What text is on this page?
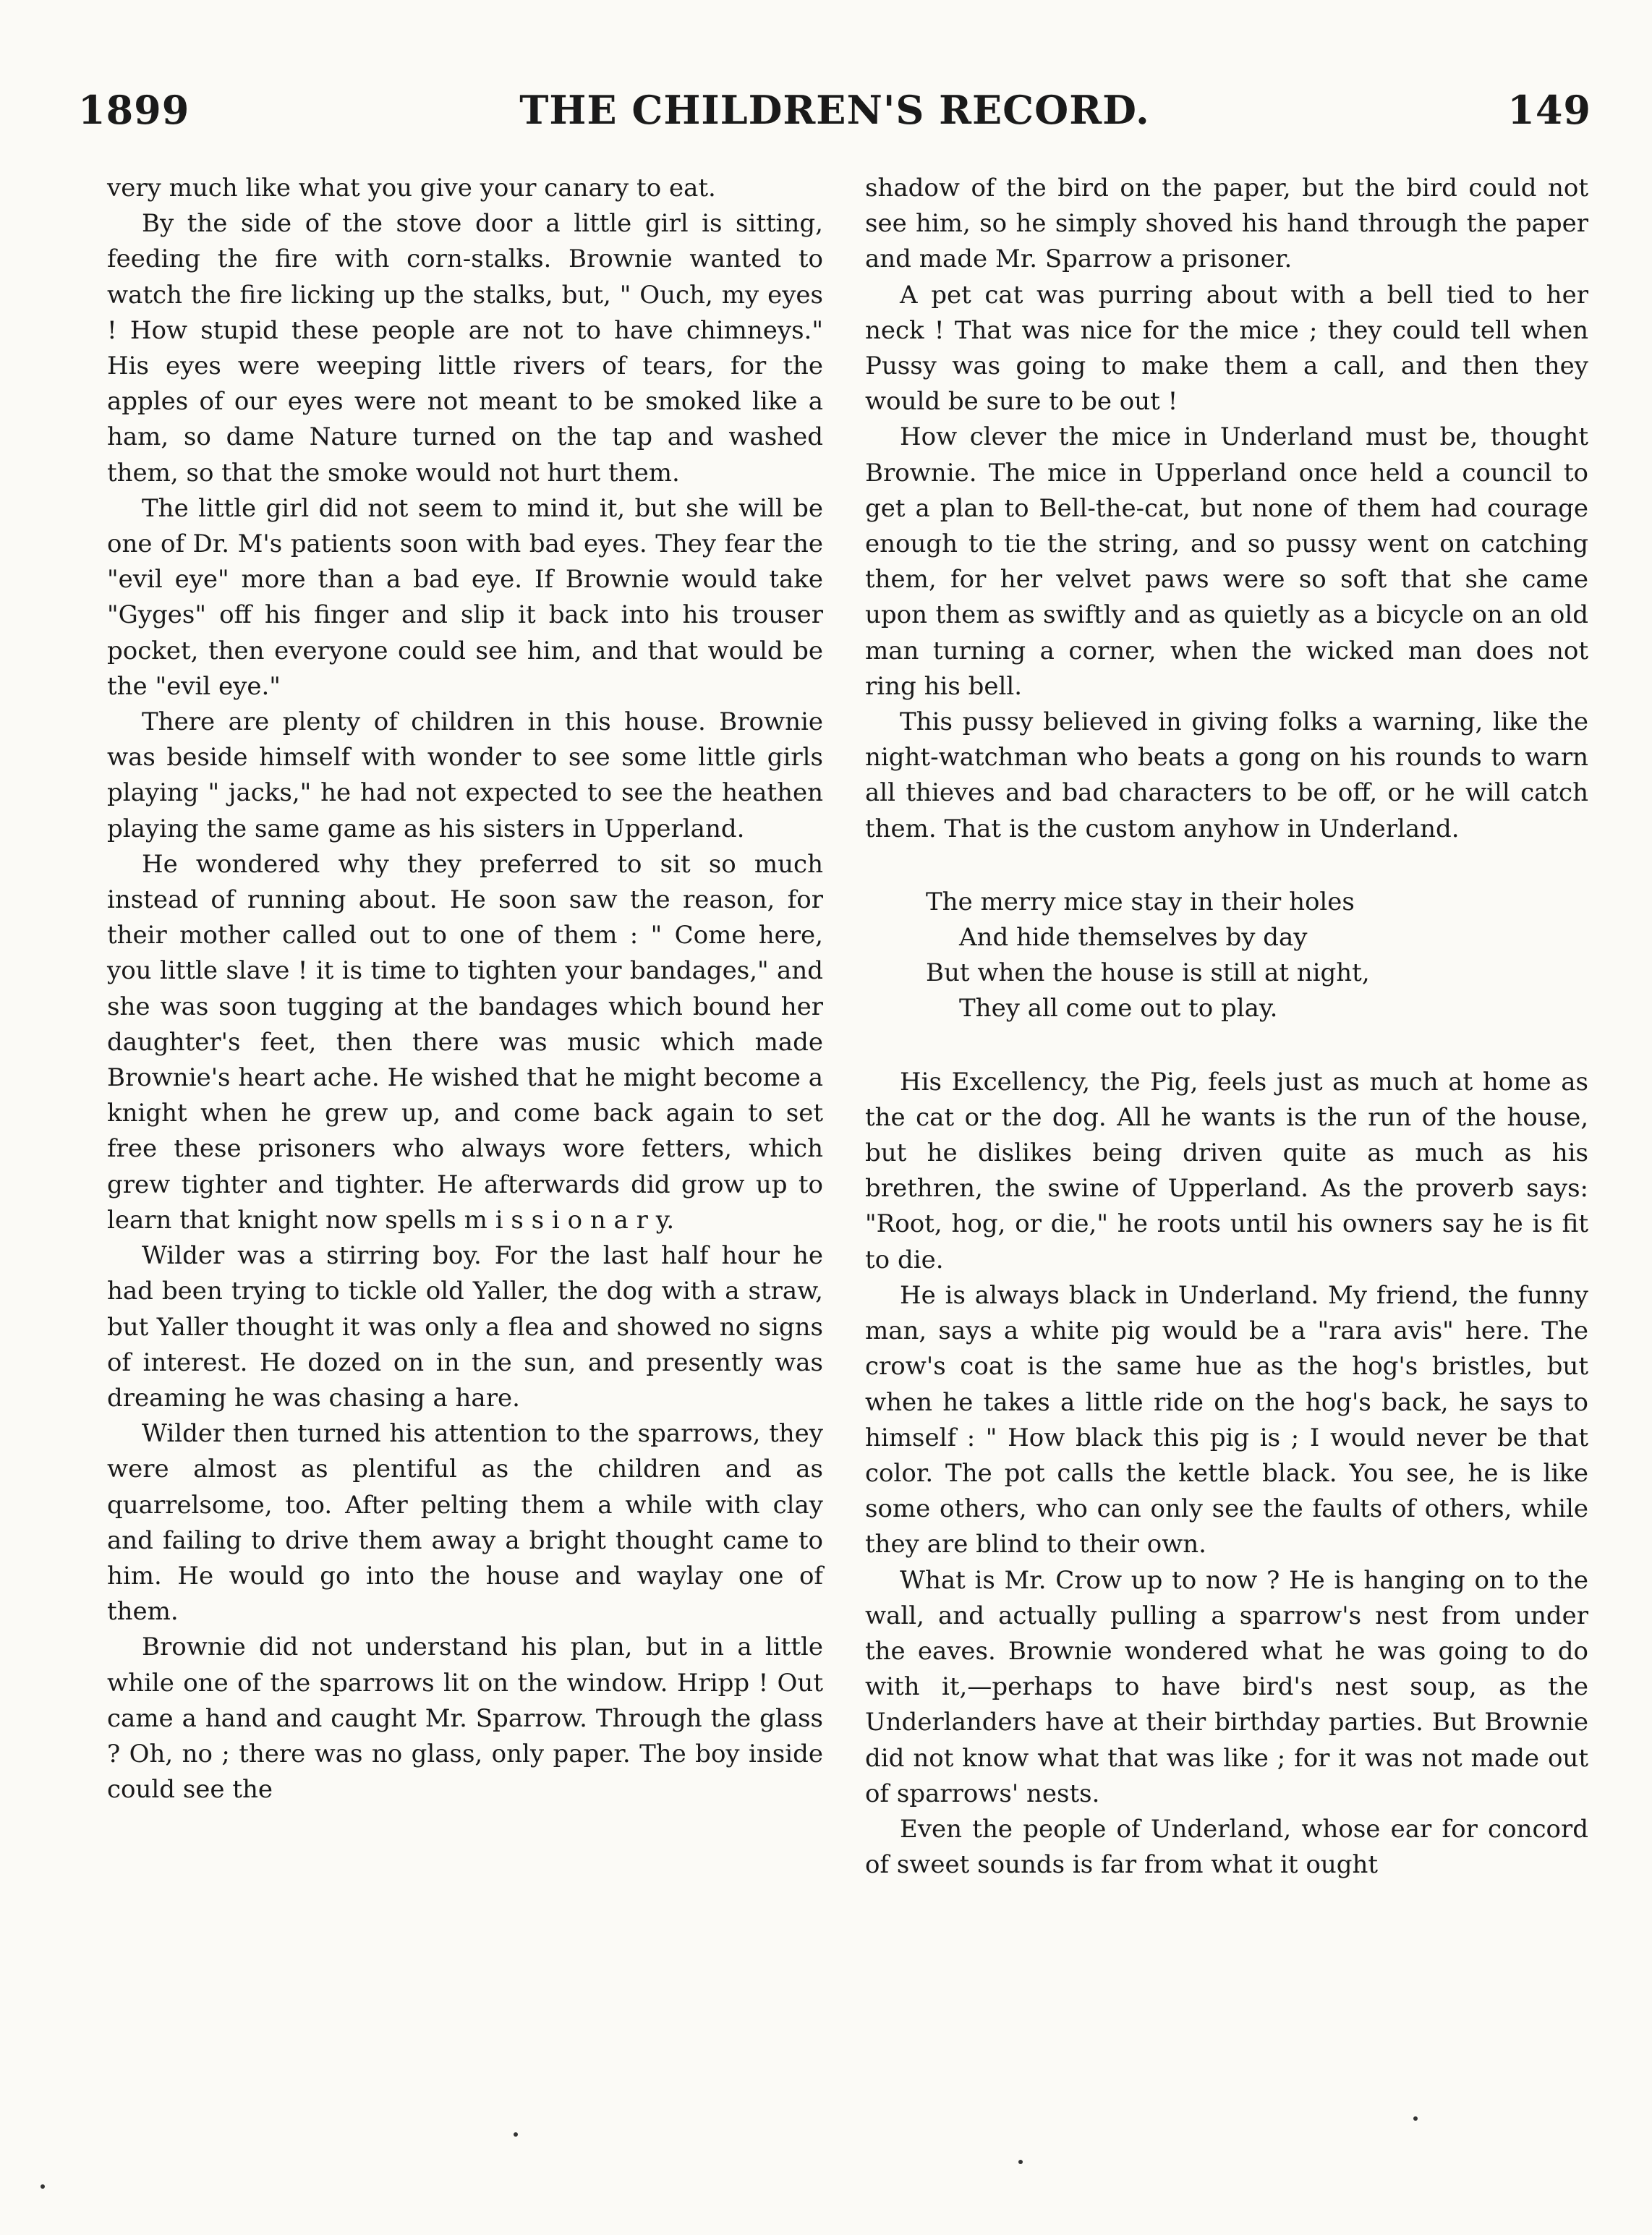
1899	THE CHILDREN'S RECORD.	149

very much like what you give your canary to eat.

By the side of the stove door a little girl is sitting, feeding the fire with corn-stalks. Brownie wanted to watch the fire licking up the stalks, but, " Ouch, my eyes ! How stupid these people are not to have chimneys." His eyes were weeping little rivers of tears, for the apples of our eyes were not meant to be smoked like a ham, so dame Nature turned on the tap and washed them, so that the smoke would not hurt them.

The little girl did not seem to mind it, but she will be one of Dr. M's patients soon with bad eyes. They fear the "evil eye" more than a bad eye. If Brownie would take "Gyges" off his finger and slip it back into his trouser pocket, then everyone could see him, and that would be the "evil eye."

There are plenty of children in this house. Brownie was beside himself with wonder to see some little girls playing " jacks," he had not expected to see the heathen playing the same game as his sisters in Upperland.

He wondered why they preferred to sit so much instead of running about. He soon saw the reason, for their mother called out to one of them : " Come here, you little slave ! it is time to tighten your bandages," and she was soon tugging at the bandages which bound her daughter's feet, then there was music which made Brownie's heart ache. He wished that he might become a knight when he grew up, and come back again to set free these prisoners who always wore fetters, which grew tighter and tighter. He afterwards did grow up to learn that knight now spells m i s s i o n a r y.

Wilder was a stirring boy. For the last half hour he had been trying to tickle old Yaller, the dog with a straw, but Yaller thought it was only a flea and showed no signs of interest. He dozed on in the sun, and presently was dreaming he was chasing a hare.

Wilder then turned his attention to the sparrows, they were almost as plentiful as the children and as quarrelsome, too. After pelting them a while with clay and failing to drive them away a bright thought came to him. He would go into the house and waylay one of them.

Brownie did not understand his plan, but in a little while one of the sparrows lit on the window. Hripp ! Out came a hand and caught Mr. Sparrow. Through the glass ? Oh, no ; there was no glass, only paper. The boy inside could see the

shadow of the bird on the paper, but the bird could not see him, so he simply shoved his hand through the paper and made Mr. Sparrow a prisoner.

A pet cat was purring about with a bell tied to her neck ! That was nice for the mice ; they could tell when Pussy was going to make them a call, and then they would be sure to be out !

How clever the mice in Underland must be, thought Brownie. The mice in Upperland once held a council to get a plan to Bell-the-cat, but none of them had courage enough to tie the string, and so pussy went on catching them, for her velvet paws were so soft that she came upon them as swiftly and as quietly as a bicycle on an old man turning a corner, when the wicked man does not ring his bell.

This pussy believed in giving folks a warning, like the night-watchman who beats a gong on his rounds to warn all thieves and bad characters to be off, or he will catch them. That is the custom anyhow in Underland.

The merry mice stay in their holes
And hide themselves by day
But when the house is still at night,
They all come out to play.

His Excellency, the Pig, feels just as much at home as the cat or the dog. All he wants is the run of the house, but he dislikes being driven quite as much as his brethren, the swine of Upperland. As the proverb says: "Root, hog, or die," he roots until his owners say he is fit to die.

He is always black in Underland. My friend, the funny man, says a white pig would be a "rara avis" here. The crow's coat is the same hue as the hog's bristles, but when he takes a little ride on the hog's back, he says to himself : " How black this pig is ; I would never be that color. The pot calls the kettle black. You see, he is like some others, who can only see the faults of others, while they are blind to their own.

What is Mr. Crow up to now ? He is hanging on to the wall, and actually pulling a sparrow's nest from under the eaves. Brownie wondered what he was going to do with it,—perhaps to have bird's nest soup, as the Underlanders have at their birthday parties. But Brownie did not know what that was like ; for it was not made out of sparrows' nests.

Even the people of Underland, whose ear for concord of sweet sounds is far from what it ought
